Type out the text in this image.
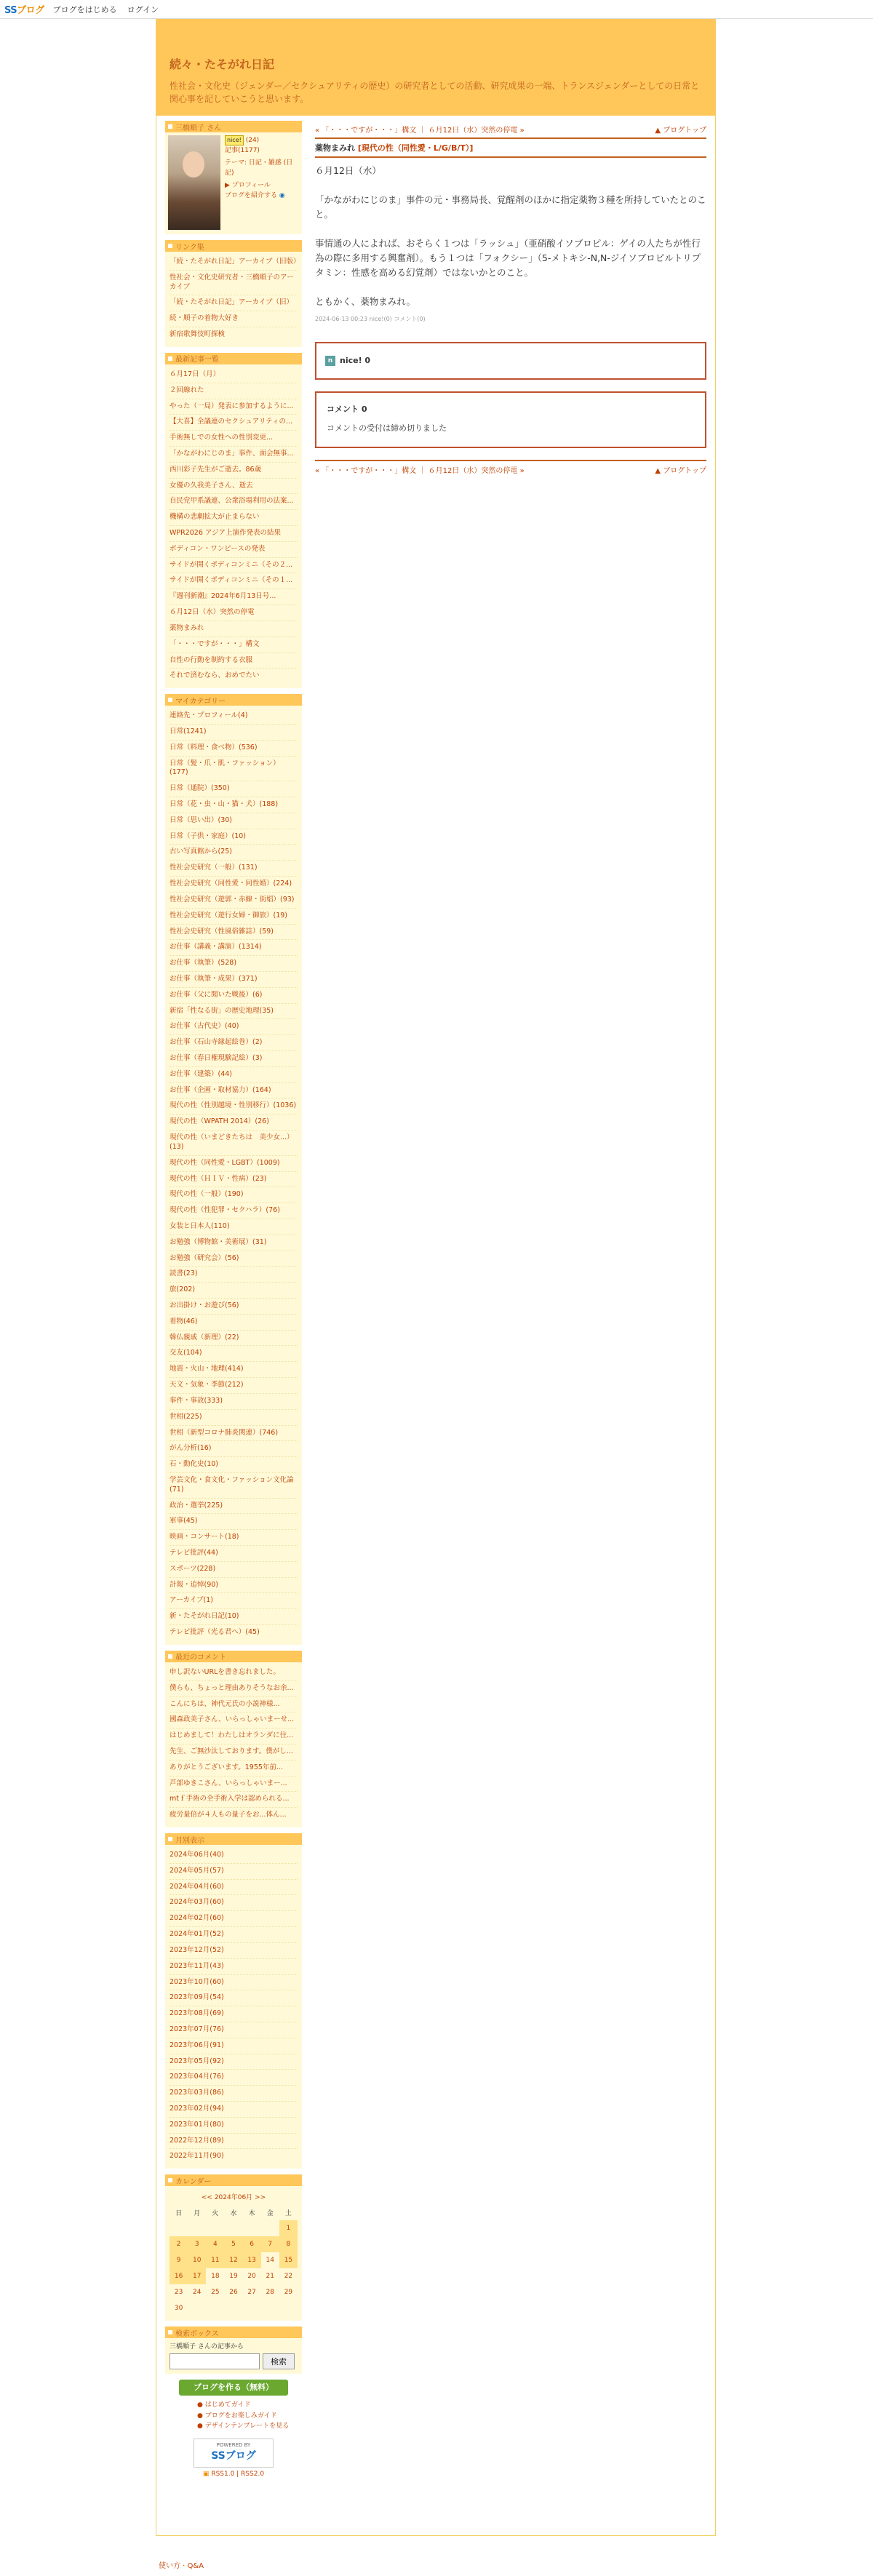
SSブログ ブログをはじめる ログイン
続々・たそがれ日記

性社会・文化史（ジェンダー／セクシュアリティの歴史）の研究者としての活動、研究成果の一端、トランスジェンダーとしての日常と関心事を記していこうと思います。

三橋順子 さん
nice! (24)
記事(1177)
テーマ: 日記・雑感 (日記)
▶ プロフィール
ブログを紹介する ◉
リンク集
「続・たそがれ日記」アーカイブ（旧版）
性社会・文化史研究者・三橋順子のアーカイブ
「続・たそがれ日記」アーカイブ（旧）
続・順子の着物大好き
新宿歌舞伎町探検
最新記事一覧
６月17日（月）
２回線れた
やった（一局）発表に参加するように...
【大喜】全議連のセクシュアリティの...
手術無しでの女性への性別変更...
「かながわにじのま」事件、面会無事...
西川彩子先生がご逝去。86歳
女優の久我美子さん、逝去
自民党甲系議連、公衆浴場利用の法案...
機構の悲劇拡大が止まらない
WPR2026 アジア上演作発表の結果
ポディコン・ワンピースの発表
サイドが開くボディコンミニ（その２...
サイドが開くボディコンミニ（その１...
『週刊新潮』2024年6月13日号...
６月12日（水）突然の停電
薬物まみれ
「・・・ですが・・・」構文
自性の行動を制約する衣服
それで済むなら、おめでたい
マイカテゴリー
連絡先・プロフィール(4)
日常(1241)
日常（料理・食べ物）(536)
日常（髪・爪・肌・ファッション）(177)
日常（通院）(350)
日常（花・虫・山・猫・犬）(188)
日常（思い出）(30)
日常（子供・家庭）(10)
古い写真館から(25)
性社会史研究（一般）(131)
性社会史研究（同性愛・同性婚）(224)
性社会史研究（遊郭・赤線・街娼）(93)
性社会史研究（遊行女婦・御旅）(19)
性社会史研究（性風俗雑誌）(59)
お仕事（講義・講演）(1314)
お仕事（執筆）(528)
お仕事（執筆・成果）(371)
お仕事（父に聞いた戦後）(6)
新宿「性なる街」の歴史地理(35)
お仕事（古代史）(40)
お仕事（石山寺縁起絵巻）(2)
お仕事（春日権現験記絵）(3)
お仕事（建築）(44)
お仕事（企画・取材協力）(164)
現代の性（性別越境・性別移行）(1036)
現代の性（WPATH 2014）(26)
現代の性（いまどきたちは　美少女...）(13)
現代の性（同性愛・LGBT）(1009)
現代の性（ＨＩＶ・性病）(23)
現代の性（一般）(190)
現代の性（性犯罪・セクハラ）(76)
女装と日本人(110)
お勉強（博物館・美術展）(31)
お勉強（研究会）(56)
読書(23)
旅(202)
お出掛け・お遊び(56)
着物(46)
韓仏親戚（新理）(22)
交友(104)
地震・火山・地理(414)
天文・気象・季節(212)
事件・事故(333)
世相(225)
世相（新型コロナ肺炎関連）(746)
がん分析(16)
石・動化史(10)
学芸文化・食文化・ファッション文化論(71)
政治・選挙(225)
軍事(45)
映画・コンサート(18)
テレビ批評(44)
スポーツ(228)
計報・追悼(90)
アーカイブ(1)
新・たそがれ日記(10)
テレビ批評（光る君へ）(45)
最近のコメント
申し訳ないURLを書き忘れました。
僕らも、ちょっと理由ありそうなお余...
こんにちは、神代元氏の小説神様...
國森政美子さん、いらっしゃいまーせ...
はじめまして！わたしはオランダに住...
先生、ご無沙汰しております。僕がし...
ありがとうございます。1955年前...
芦部ゆきこさん、いらっしゃいまー...
mtｆ手術の全手術入学は認められる...
疲労量倍が４人もの量子をお...体ん...
月別表示
2024年06月(40)
2024年05月(57)
2024年04月(60)
2024年03月(60)
2024年02月(60)
2024年01月(52)
2023年12月(52)
2023年11月(43)
2023年10月(60)
2023年09月(54)
2023年08月(69)
2023年07月(76)
2023年06月(91)
2023年05月(92)
2023年04月(76)
2023年03月(86)
2023年02月(94)
2023年01月(80)
2022年12月(89)
2022年11月(90)
カレンダー
<< 2024年06月 >>
日	月	火	水	木	金	土
						1
2	3	4	5	6	7	8
9	10	11	12	13	14	15
16	17	18	19	20	21	22
23	24	25	26	27	28	29
30						
検索ボックス
三橋順子 さんの記事から
検索
ブログを作る（無料）
● はじめてガイド
● ブログをお楽しみガイド
● デザインテンプレートを見る
POWERED BY
SSブログ
▣ RSS1.0 | RSS2.0
« 「・・・ですが・・・」構文 ｜ ６月12日（水）突然の停電 »	▲ ブログトップ
薬物まみれ [現代の性（同性愛・L/G/B/T）]

６月12日（水）

「かながわにじのま」事件の元・事務局長、覚醒剤のほかに指定薬物３種を所持していたとのこと。

事情通の人によれば、おそらく１つは「ラッシュ」（亜硝酸イソブロピル：ゲイの人たちが性行為の際に多用する興奮剤）。もう１つは「フォクシー」（5-メトキシ-N,N-ジイソブロピルトリプタミン：性感を高める幻覚剤）ではないかとのこと。

ともかく、薬物まみれ。

2024-06-13 00:23 nice!(0) コメント(0)
n nice! 0
コメント 0

コメントの受付は締め切りました

« 「・・・ですが・・・」構文 ｜ ６月12日（水）突然の停電 »	▲ ブログトップ
使い方 · Q&A
